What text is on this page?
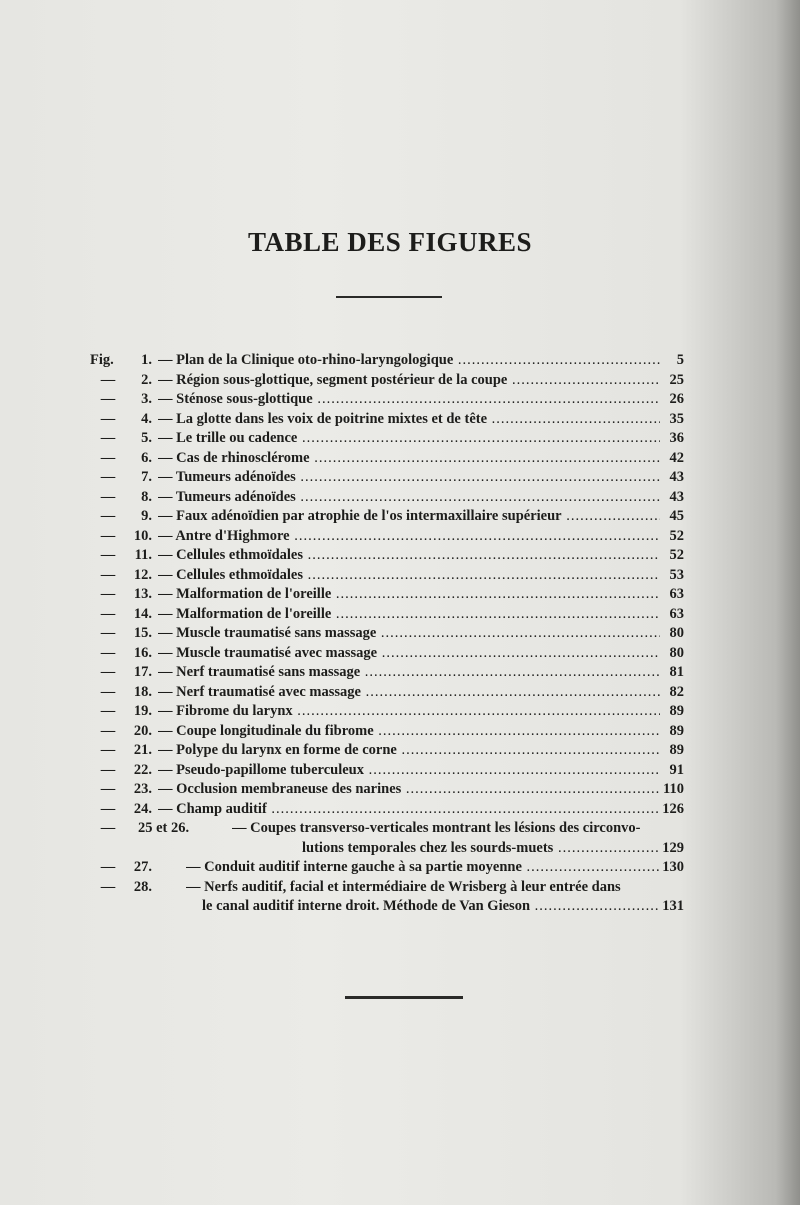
TABLE DES FIGURES
Fig.	1. — Plan de la Clinique oto-rhino-laryngologique .....	5
—	2. — Région sous-glottique, segment postérieur de la coupe .....	25
—	3. — Sténose sous-glottique .....	26
—	4. — La glotte dans les voix de poitrine mixtes et de tête .....	35
—	5. — Le trille ou cadence .....	36
—	6. — Cas de rhinosclérome .....	42
—	7. — Tumeurs adénoïdes .....	43
—	8. — Tumeurs adénoïdes .....	43
—	9. — Faux adénoïdien par atrophie de l'os intermaxillaire supérieur .....	45
—	10. — Antre d'Highmore .....	52
—	11. — Cellules ethmoïdales .....	52
—	12. — Cellules ethmoïdales .....	53
—	13. — Malformation de l'oreille .....	63
—	14. — Malformation de l'oreille .....	63
—	15. — Muscle traumatisé sans massage .....	80
—	16. — Muscle traumatisé avec massage .....	80
—	17. — Nerf traumatisé sans massage .....	81
—	18. — Nerf traumatisé avec massage .....	82
—	19. — Fibrome du larynx .....	89
—	20. — Coupe longitudinale du fibrome .....	89
—	21. — Polype du larynx en forme de corne .....	89
—	22. — Pseudo-papillome tuberculeux .....	91
—	23. — Occlusion membraneuse des narines .....	110
—	24. — Champ auditif .....	126
—	25 et 26.	— Coupes transverso-verticales montrant les lésions des circonvo-
lutions temporales chez les sourds-muets .....	129
—	27. — Conduit auditif interne gauche à sa partie moyenne .....	130
—	28. — Nerfs auditif, facial et intermédiaire de Wrisberg à leur entrée dans
le canal auditif interne droit. Méthode de Van Gieson .....	131
